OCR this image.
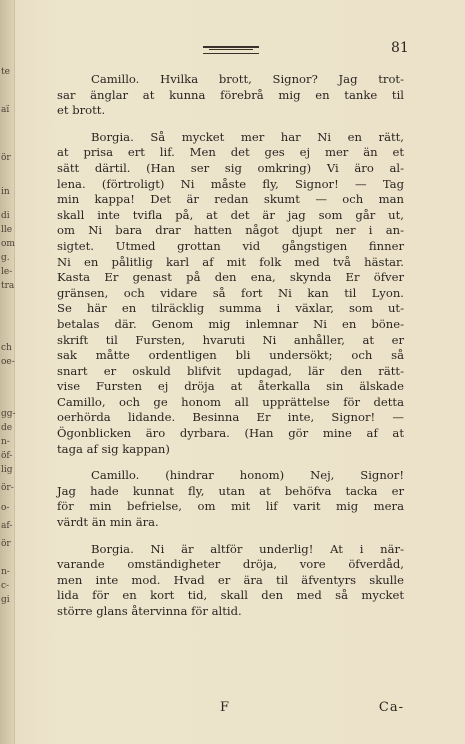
te
aï
ör
in
di
lle
om
g.
le-
tra
ch
oe-
gg-
de
n-
öf-
lig
ör-
o-
af-
ör
n-
c-
gi
81
Camillo. Hvilka brott, Signor? Jag trot-
sar änglar at kunna förebrå mig en tanke til
et brott.
Borgia. Så mycket mer har Ni en rätt,
at prisa ert lif. Men det ges ej mer än et
sätt därtil. (Han ser sig omkring) Vi äro al-
lena. (förtroligt) Ni måste fly, Signor! — Tag
min kappa! Det är redan skumt — och man
skall inte tvifla på, at det är jag som går ut,
om Ni bara drar hatten något djupt ner i an-
sigtet. Utmed grottan vid gångstigen finner
Ni en pålitlig karl af mit folk med två hästar.
Kasta Er genast på den ena, skynda Er öfver
gränsen, och vidare så fort Ni kan til Lyon.
Se här en tilräcklig summa i växlar, som ut-
betalas där. Genom mig inlemnar Ni en böne-
skrift til Fursten, hvaruti Ni anhåller, at er
sak måtte ordentligen bli undersökt; och så
snart er oskuld blifvit updagad, lär den rätt-
vise Fursten ej dröja at återkalla sin älskade
Camillo, och ge honom all upprättelse för detta
oerhörda lidande. Besinna Er inte, Signor! —
Ögonblicken äro dyrbara. (Han gör mine af at
taga af sig kappan)
Camillo. (hindrar honom) Nej, Signor!
Jag hade kunnat fly, utan at behöfva tacka er
för min befrielse, om mit lif varit mig mera
värdt än min ära.
Borgia. Ni är altför underlig! At i när-
varande omständigheter dröja, vore öfverdåd,
men inte mod. Hvad er ära til äfventyrs skulle
lida för en kort tid, skall den med så mycket
större glans återvinna för altid.
F	Ca-
